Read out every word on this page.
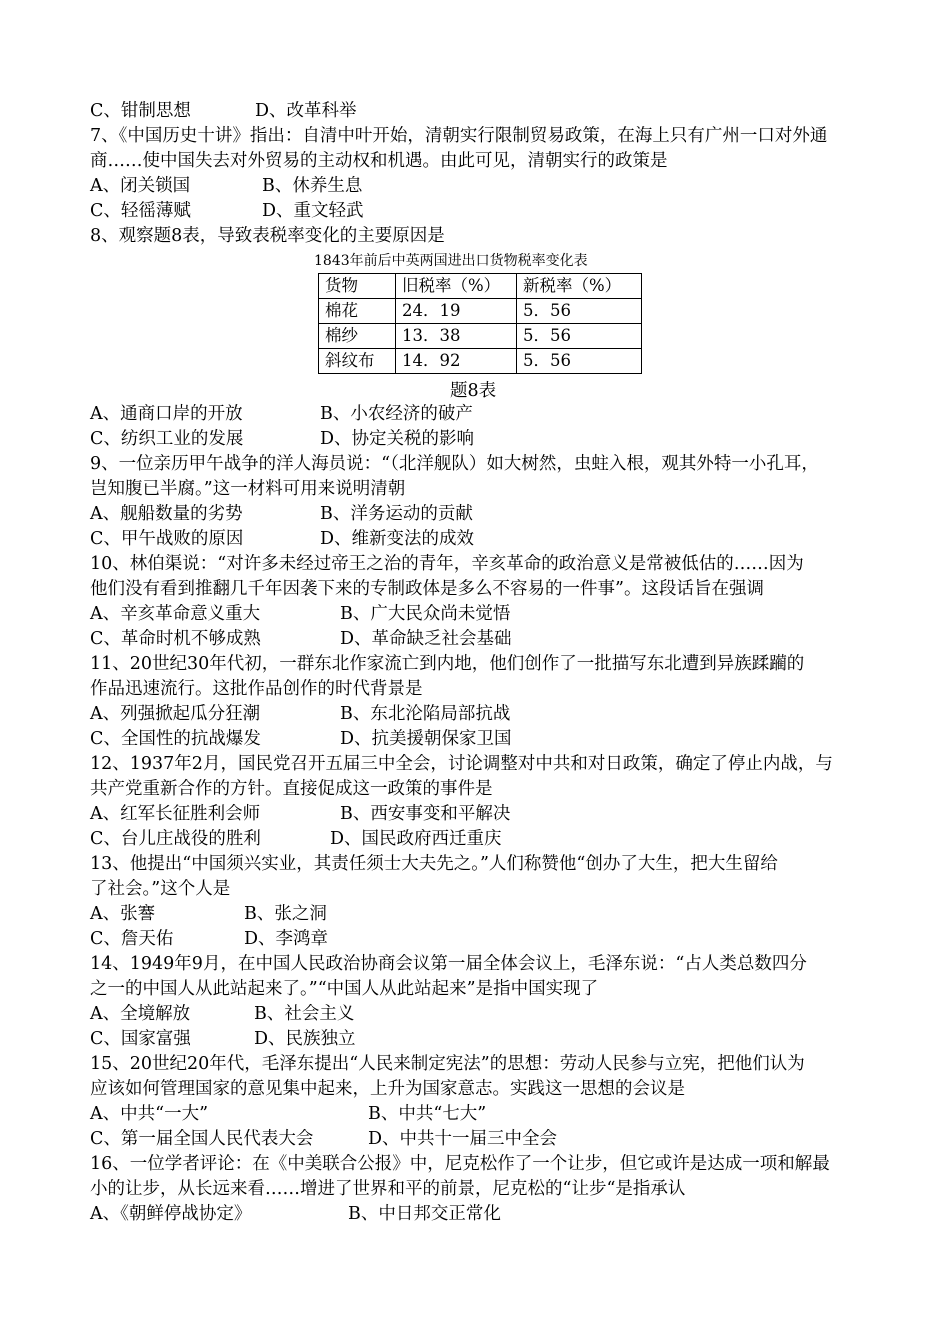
C、钳制思想	D、改革科举
7、《中国历史十讲》指出：自清中叶开始，清朝实行限制贸易政策，在海上只有广州一口对外通
商……使中国失去对外贸易的主动权和机遇。由此可见，清朝实行的政策是
A、闭关锁国	B、休养生息
C、轻徭薄赋	D、重文轻武
8、观察题8表，导致表税率变化的主要原因是
1843年前后中英两国进出口货物税率变化表
货物	旧税率（%）	新税率（%）
棉花	24．19	5．56
棉纱	13．38	5．56
斜纹布	14．92	5．56
题8表
A、通商口岸的开放	B、小农经济的破产
C、纺织工业的发展	D、协定关税的影响
9、一位亲历甲午战争的洋人海员说：“（北洋舰队）如大树然，虫蛀入根，观其外特一小孔耳，
岂知腹已半腐。”这一材料可用来说明清朝
A、舰船数量的劣势	B、洋务运动的贡献
C、甲午战败的原因	D、维新变法的成效
10、林伯渠说：“对许多未经过帝王之治的青年，辛亥革命的政治意义是常被低估的……因为
他们没有看到推翻几千年因袭下来的专制政体是多么不容易的一件事”。这段话旨在强调
A、辛亥革命意义重大	B、广大民众尚未觉悟
C、革命时机不够成熟	D、革命缺乏社会基础
11、20世纪30年代初，一群东北作家流亡到内地，他们创作了一批描写东北遭到异族蹂躏的
作品迅速流行。这批作品创作的时代背景是
A、列强掀起瓜分狂潮	B、东北沦陷局部抗战
C、全国性的抗战爆发	D、抗美援朝保家卫国
12、1937年2月，国民党召开五届三中全会，讨论调整对中共和对日政策，确定了停止内战，与
共产党重新合作的方针。直接促成这一政策的事件是
A、红军长征胜利会师	B、西安事变和平解决
C、台儿庄战役的胜利	D、国民政府西迁重庆
13、他提出“中国须兴实业，其责任须士大夫先之。”人们称赞他“创办了大生，把大生留给
了社会。”这个人是
A、张謇	B、张之洞
C、詹天佑	D、李鸿章
14、1949年9月，在中国人民政治协商会议第一届全体会议上，毛泽东说：“占人类总数四分
之一的中国人从此站起来了。”“中国人从此站起来”是指中国实现了
A、全境解放	B、社会主义
C、国家富强	D、民族独立
15、20世纪20年代，毛泽东提出“人民来制定宪法”的思想：劳动人民参与立宪，把他们认为
应该如何管理国家的意见集中起来，上升为国家意志。实践这一思想的会议是
A、中共“一大”	B、中共“七大”
C、第一届全国人民代表大会	D、中共十一届三中全会
16、一位学者评论：在《中美联合公报》中，尼克松作了一个让步，但它或许是达成一项和解最
小的让步，从长远来看……增进了世界和平的前景，尼克松的“让步“是指承认
A、《朝鲜停战协定》	B、中日邦交正常化
